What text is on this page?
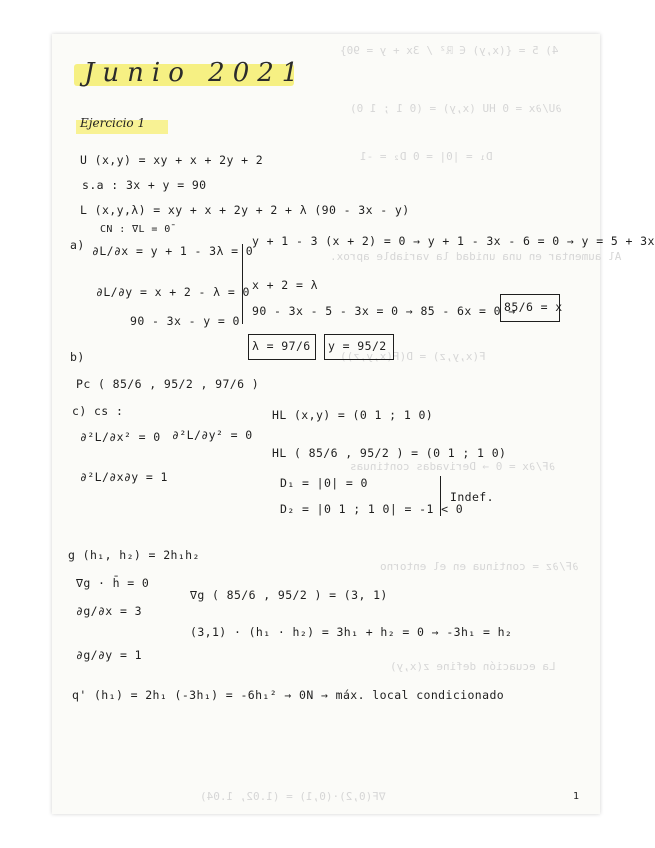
4) 5 = {(x,y) ∈ ℝ² / 3x + y = 90}
∂U/∂x = 0 HU (x,y) = (0 1 ; 1 0)
D₁ = |0| = 0 D₂ = -1
Al aumentar en una unidad la variable aprox.
F(x,y,z) = D(F(x,y,z))
∂F/∂x = 0 → Derivadas continuas
∂F/∂z = continua en el entorno
La ecuación define z(x,y)
∇F(0,2)·(0,1) = (1.02, 1.04)
Junio 2021
Ejercicio 1
U (x,y) = xy + x + 2y + 2
s.a : 3x + y = 90
L (x,y,λ) = xy + x + 2y + 2 + λ (90 - 3x - y)
CN : ∇L = 0̄
a) ∂L/∂x = y + 1 - 3λ = 0
∂L/∂y = x + 2 - λ = 0
90 - 3x - y = 0
y + 1 - 3 (x + 2) = 0 → y + 1 - 3x - 6 = 0 → y = 5 + 3x
x + 2 = λ
90 - 3x - 5 - 3x = 0 → 85 - 6x = 0 →
85/6 = x
λ = 97/6 y = 95/2
b)
Pc ( 85/6 , 95/2 , 97/6 )
c) cs :	HL (x,y) = (0 1 ; 1 0)
∂²L/∂x² = 0 ∂²L/∂y² = 0
HL ( 85/6 , 95/2 ) = (0 1 ; 1 0)
∂²L/∂x∂y = 1	D₁ = |0| = 0
D₂ = |0 1 ; 1 0| = -1 < 0
Indef.
g (h₁, h₂) = 2h₁h₂
∇g · h̄ = 0
∇g ( 85/6 , 95/2 ) = (3, 1)
∂g/∂x = 3
(3,1) · (h₁ · h₂) = 3h₁ + h₂ = 0 → -3h₁ = h₂
∂g/∂y = 1
q' (h₁) = 2h₁ (-3h₁) = -6h₁² → 0N → máx. local condicionado
1
